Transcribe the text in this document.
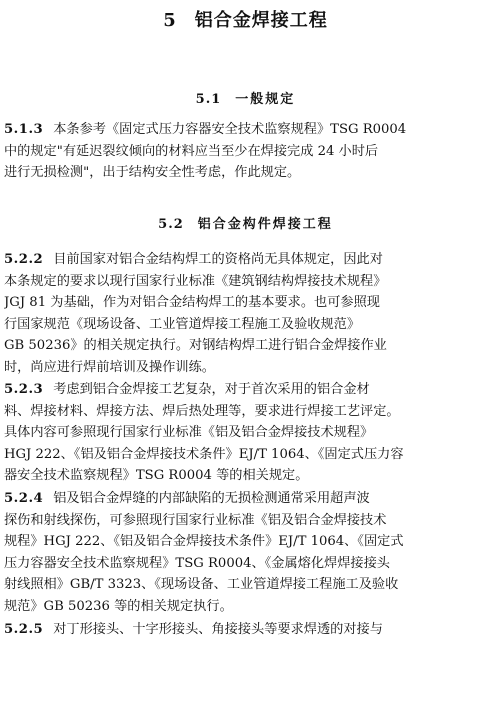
5 铝合金焊接工程
5.1 一般规定
5.1.3 本条参考《固定式压力容器安全技术监察规程》TSG R0004
中的规定"有延迟裂纹倾向的材料应当至少在焊接完成 24 小时后
进行无损检测"，出于结构安全性考虑，作此规定。
5.2 铝合金构件焊接工程
5.2.2 目前国家对铝合金结构焊工的资格尚无具体规定，因此对
本条规定的要求以现行国家行业标准《建筑钢结构焊接技术规程》
JGJ 81 为基础，作为对铝合金结构焊工的基本要求。也可参照现
行国家规范《现场设备、工业管道焊接工程施工及验收规范》
GB 50236》的相关规定执行。对钢结构焊工进行铝合金焊接作业
时，尚应进行焊前培训及操作训练。
5.2.3 考虑到铝合金焊接工艺复杂，对于首次采用的铝合金材
料、焊接材料、焊接方法、焊后热处理等，要求进行焊接工艺评定。
具体内容可参照现行国家行业标准《铝及铝合金焊接技术规程》
HGJ 222、《铝及铝合金焊接技术条件》EJ/T 1064、《固定式压力容
器安全技术监察规程》TSG R0004 等的相关规定。
5.2.4 铝及铝合金焊缝的内部缺陷的无损检测通常采用超声波
探伤和射线探伤，可参照现行国家行业标准《铝及铝合金焊接技术
规程》HGJ 222、《铝及铝合金焊接技术条件》EJ/T 1064、《固定式
压力容器安全技术监察规程》TSG R0004、《金属熔化焊焊接接头
射线照相》GB/T 3323、《现场设备、工业管道焊接工程施工及验收
规范》GB 50236 等的相关规定执行。
5.2.5 对丁形接头、十字形接头、角接接头等要求焊透的对接与
